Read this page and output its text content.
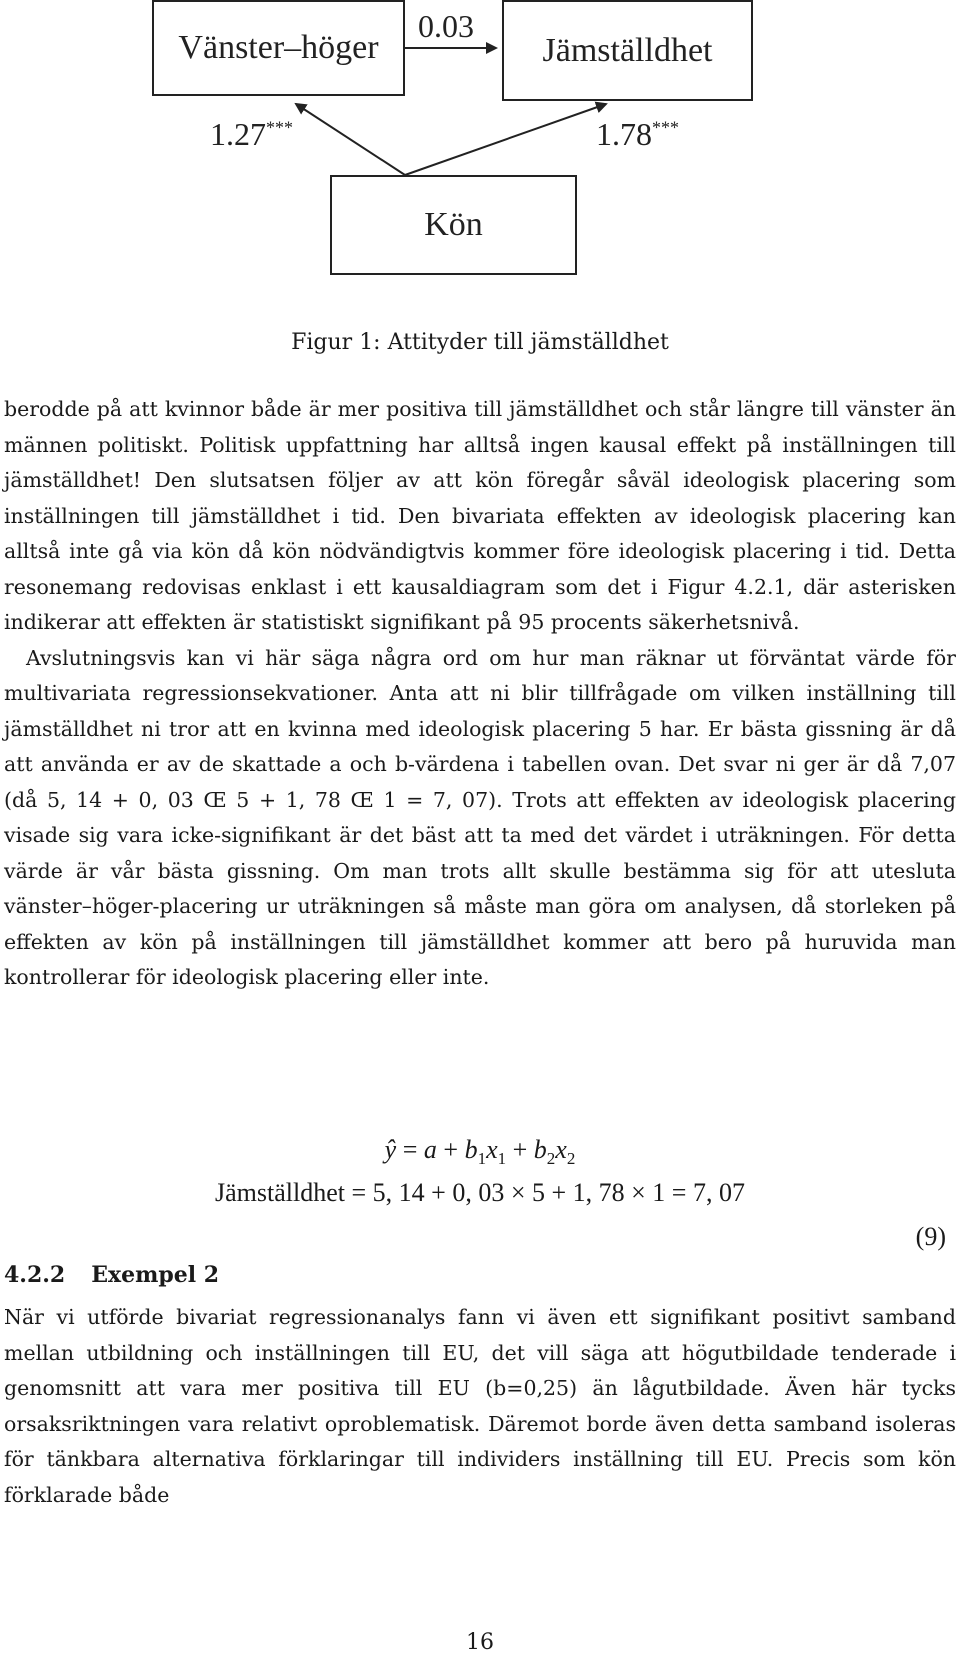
Vänster–höger	Jämställdhet
Kön
0.03
1.27***	1.78***
Figur 1: Attityder till jämställdhet

berodde på att kvinnor både är mer positiva till jämställdhet och står längre till vänster än männen politiskt. Politisk uppfattning har alltså ingen kausal effekt på inställningen till jämställdhet! Den slutsatsen följer av att kön föregår såväl ideologisk placering som inställningen till jämställdhet i tid. Den bivariata effekten av ideologisk placering kan alltså inte gå via kön då kön nödvändigtvis kommer före ideologisk placering i tid. Detta resonemang redovisas enklast i ett kausaldiagram som det i Figur 4.2.1, där asterisken indikerar att effekten är statistiskt signifikant på 95 procents säkerhetsnivå.

Avslutningsvis kan vi här säga några ord om hur man räknar ut förväntat värde för multivariata regressionsekvationer. Anta att ni blir tillfrågade om vilken inställning till jämställdhet ni tror att en kvinna med ideologisk placering 5 har. Er bästa gissning är då att använda er av de skattade a och b-värdena i tabellen ovan. Det svar ni ger är då 7,07 (då 5, 14 + 0, 03 Œ 5 + 1, 78 Œ 1 = 7, 07). Trots att effekten av ideologisk placering visade sig vara icke-signifikant är det bäst att ta med det värdet i uträkningen. För detta värde är vår bästa gissning. Om man trots allt skulle bestämma sig för att utesluta vänster–höger-placering ur uträkningen så måste man göra om analysen, då storleken på effekten av kön på inställningen till jämställdhet kommer att bero på huruvida man kontrollerar för ideologisk placering eller inte.

ŷ = $a + b_1x_1 + b_2x_2$
Jämställdhet = 5, 14 + 0, 03 × 5 + 1, 78 × 1 = 7, 07
(9)
4.2.2 Exempel 2

När vi utförde bivariat regressionanalys fann vi även ett signifikant positivt samband mellan utbildning och inställningen till EU, det vill säga att högutbildade tenderade i genomsnitt att vara mer positiva till EU (b=0,25) än lågutbildade. Även här tycks orsaksriktningen vara relativt oproblematisk. Däremot borde även detta samband isoleras för tänkbara alternativa förklaringar till individers inställning till EU. Precis som kön förklarade både

16
